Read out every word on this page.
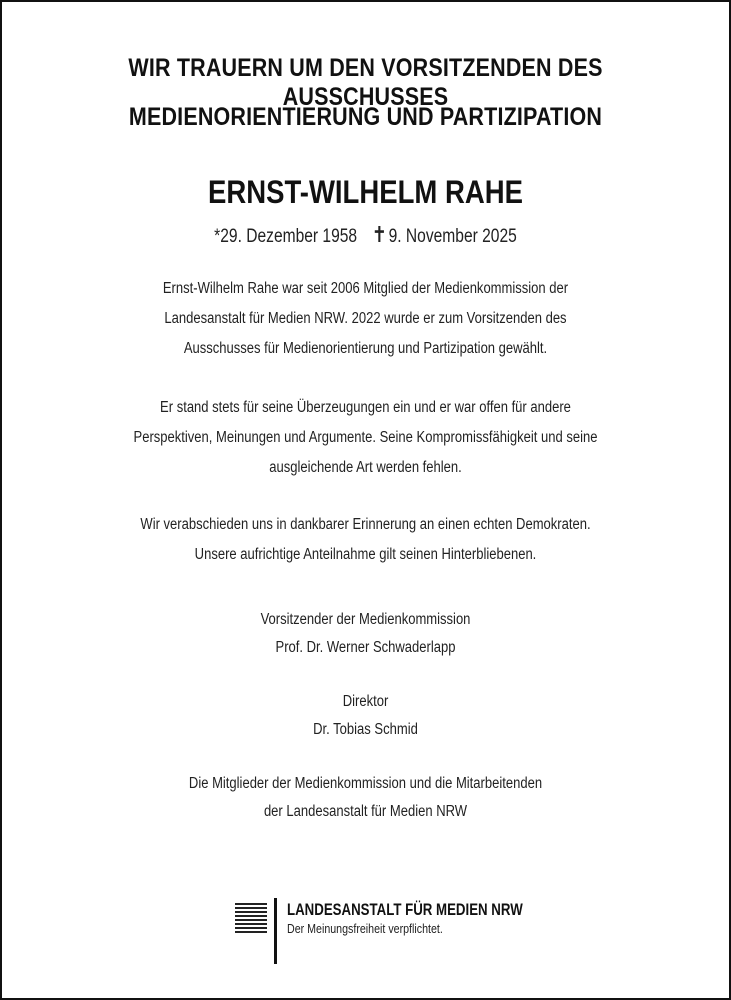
WIR TRAUERN UM DEN VORSITZENDEN DES AUSSCHUSSES
MEDIENORIENTIERUNG UND PARTIZIPATION
ERNST-WILHELM RAHE
*29. Dezember 1958 ✝9. November 2025

Ernst-Wilhelm Rahe war seit 2006 Mitglied der Medienkommission der

Landesanstalt für Medien NRW. 2022 wurde er zum Vorsitzenden des

Ausschusses für Medienorientierung und Partizipation gewählt.

Er stand stets für seine Überzeugungen ein und er war offen für andere

Perspektiven, Meinungen und Argumente. Seine Kompromissfähigkeit und seine

ausgleichende Art werden fehlen.

Wir verabschieden uns in dankbarer Erinnerung an einen echten Demokraten.

Unsere aufrichtige Anteilnahme gilt seinen Hinterbliebenen.

Vorsitzender der Medienkommission

Prof. Dr. Werner Schwaderlapp

Direktor

Dr. Tobias Schmid

Die Mitglieder der Medienkommission und die Mitarbeitenden

der Landesanstalt für Medien NRW

LANDESANSTALT FÜR MEDIEN NRW
Der Meinungsfreiheit verpflichtet.
